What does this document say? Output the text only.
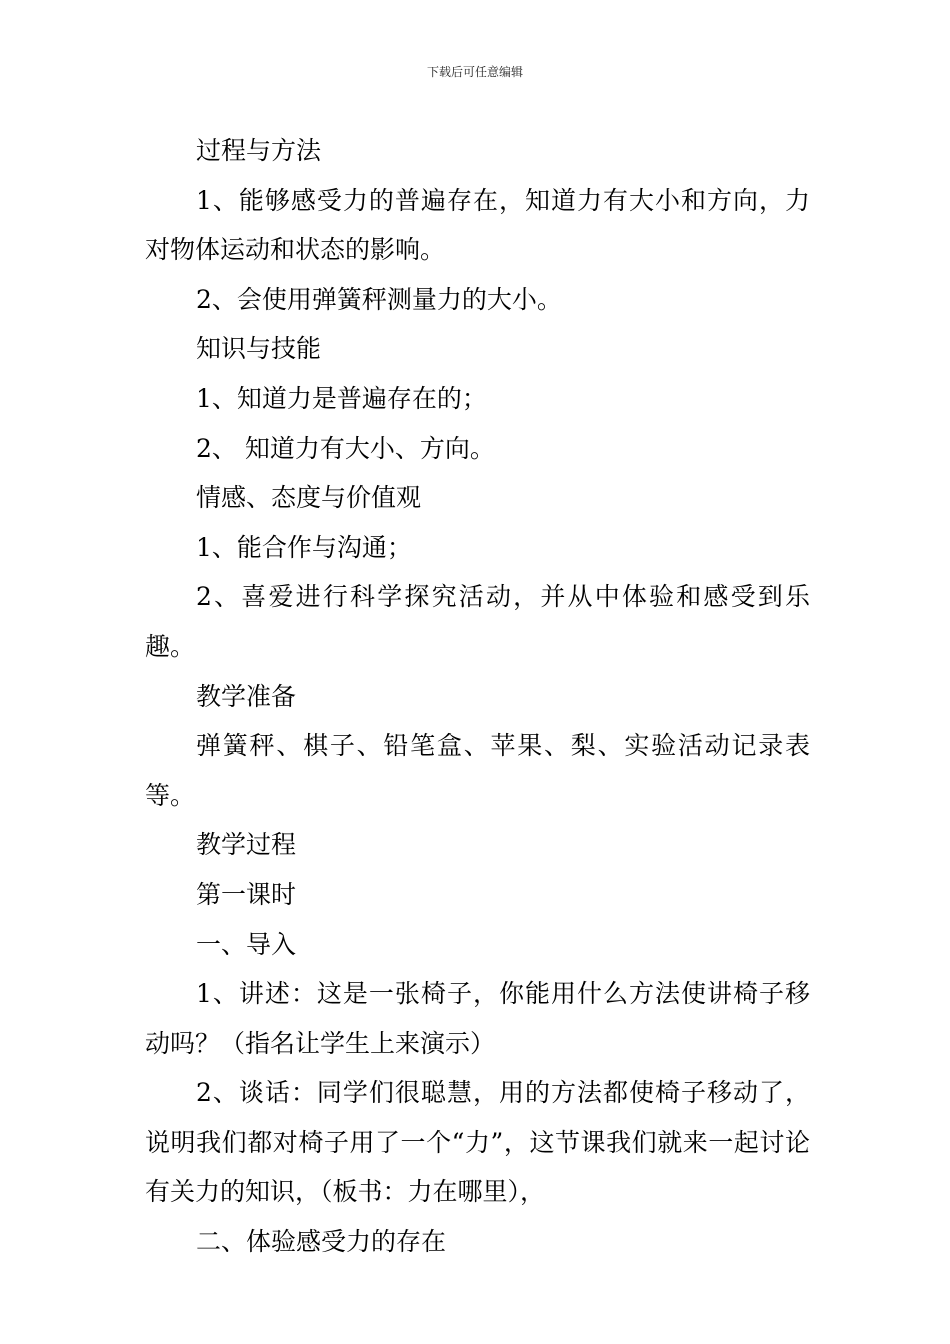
下载后可任意编辑

过程与方法

1、能够感受力的普遍存在，知道力有大小和方向，力对物体运动和状态的影响。

2、会使用弹簧秤测量力的大小。

知识与技能

1、知道力是普遍存在的；

2、 知道力有大小、方向。

情感、态度与价值观

1、能合作与沟通；

2、喜爱进行科学探究活动，并从中体验和感受到乐趣。

教学准备

弹簧秤、棋子、铅笔盒、苹果、梨、实验活动记录表等。

教学过程

第一课时

一、导入

1、讲述：这是一张椅子，你能用什么方法使讲椅子移动吗？（指名让学生上来演示）

2、谈话：同学们很聪慧，用的方法都使椅子移动了，说明我们都对椅子用了一个“力”，这节课我们就来一起讨论有关力的知识，（板书：力在哪里），

二、体验感受力的存在
